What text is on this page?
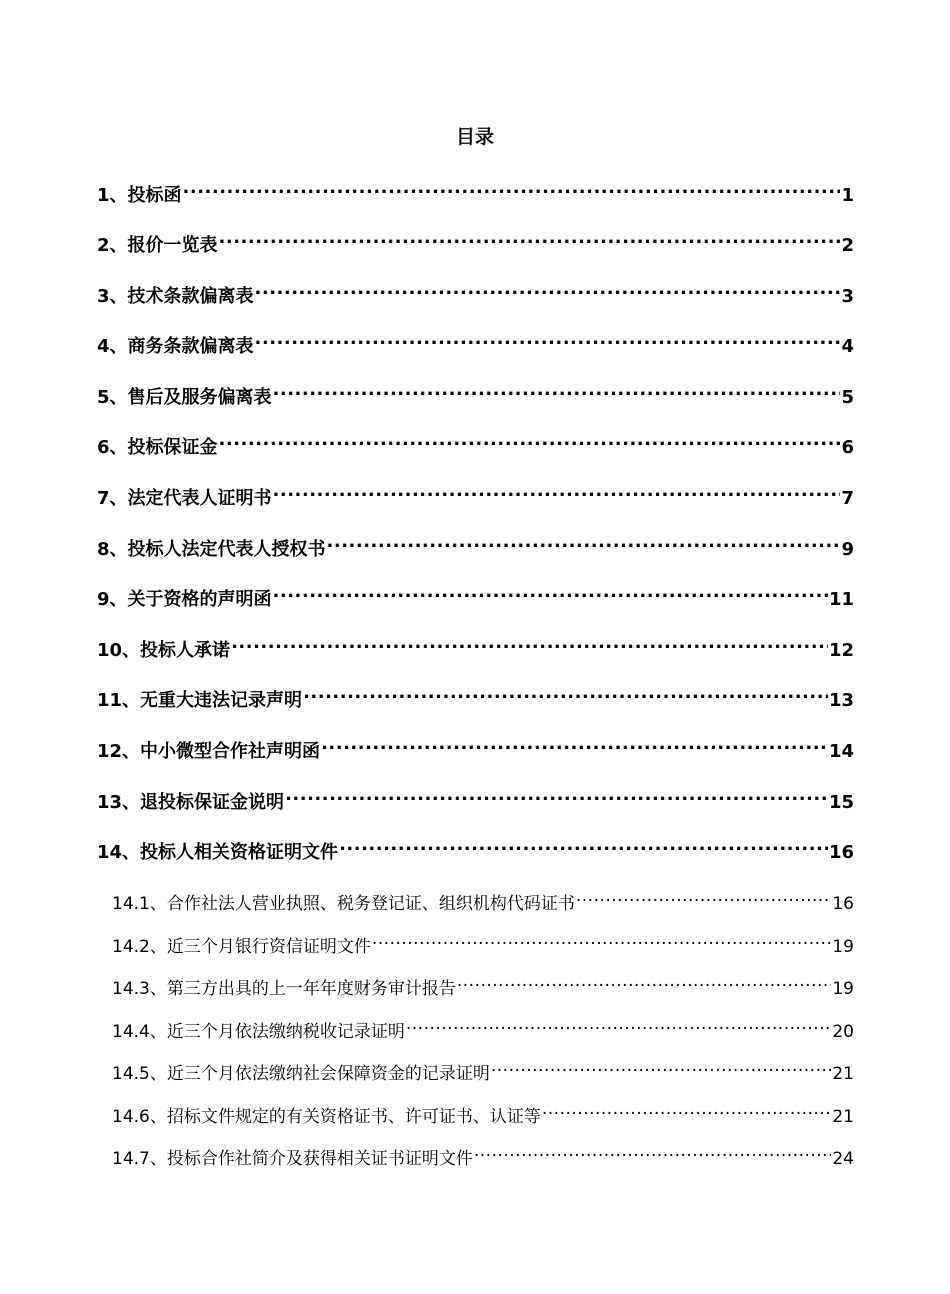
目录
1、投标函 .....	1
2、报价一览表 .....	2
3、技术条款偏离表 .....	3
4、商务条款偏离表 .....	4
5、售后及服务偏离表 .....	5
6、投标保证金 .....	6
7、法定代表人证明书 .....	7
8、投标人法定代表人授权书 .....	9
9、关于资格的声明函 .....	11
10、投标人承诺 .....	12
11、无重大违法记录声明 .....	13
12、中小微型合作社声明函 .....	14
13、退投标保证金说明 .....	15
14、投标人相关资格证明文件 .....	16
14.1、合作社法人营业执照、税务登记证、组织机构代码证书 .....	16
14.2、近三个月银行资信证明文件 .....	19
14.3、第三方出具的上一年年度财务审计报告 .....	19
14.4、近三个月依法缴纳税收记录证明 .....	20
14.5、近三个月依法缴纳社会保障资金的记录证明 .....	21
14.6、招标文件规定的有关资格证书、许可证书、认证等 .....	21
14.7、投标合作社简介及获得相关证书证明文件 .....	24
